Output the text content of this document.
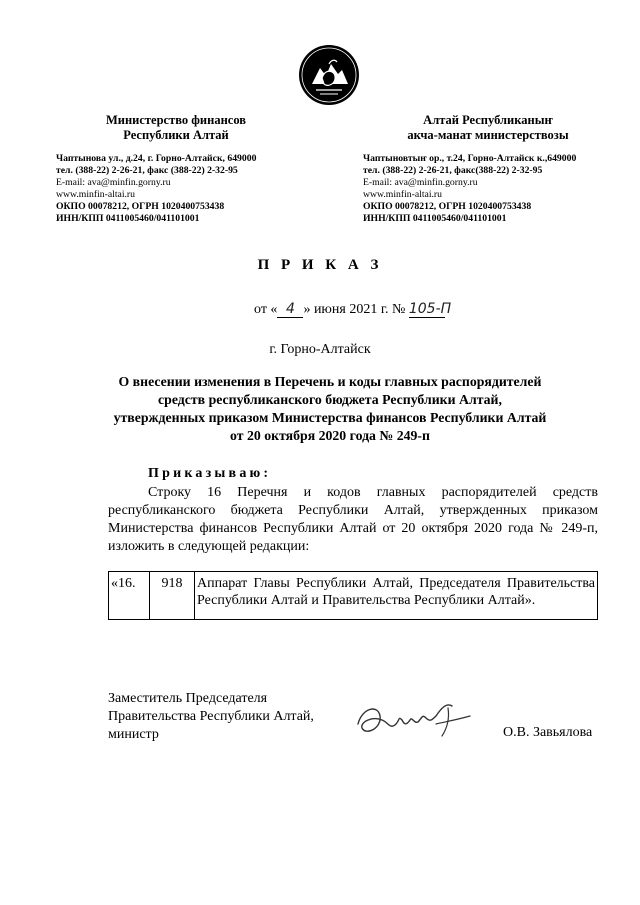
Министерство финансов
Республики Алтай
Чаптынова ул., д.24, г. Горно-Алтайск, 649000
тел. (388-22) 2-26-21, факс (388-22) 2-32-95
E-mail: ava@minfin.gorny.ru
www.minfin-altai.ru
ОКПО 00078212, ОГРН 1020400753438
ИНН/КПП 0411005460/041101001
Алтай Республиканыҥ
акча-манат министерствозы
Чаптыновтыҥ ор., т.24, Горно-Алтайск к.,649000
тел. (388-22) 2-26-21, факс(388-22) 2-32-95
E-mail: ava@minfin.gorny.ru
www.minfin-altai.ru
ОКПО 00078212, ОГРН 1020400753438
ИНН/КПП 0411005460/041101001
П Р И К А З
от « 4 » июня 2021 г. № 105-П
г. Горно-Алтайск
О внесении изменения в Перечень и коды главных распорядителей
средств республиканского бюджета Республики Алтай,
утвержденных приказом Министерства финансов Республики Алтай
от 20 октября 2020 года № 249-п
Приказываю:
Строку 16 Перечня и кодов главных распорядителей средств республиканского бюджета Республики Алтай, утвержденных приказом Министерства финансов Республики Алтай от 20 октября 2020 года № 249-п, изложить в следующей редакции:
«16.	918	Аппарат Главы Республики Алтай, Председателя Правительства Республики Алтай и Правительства Республики Алтай».
Заместитель Председателя
Правительства Республики Алтай,
министр	О.В. Завьялова
